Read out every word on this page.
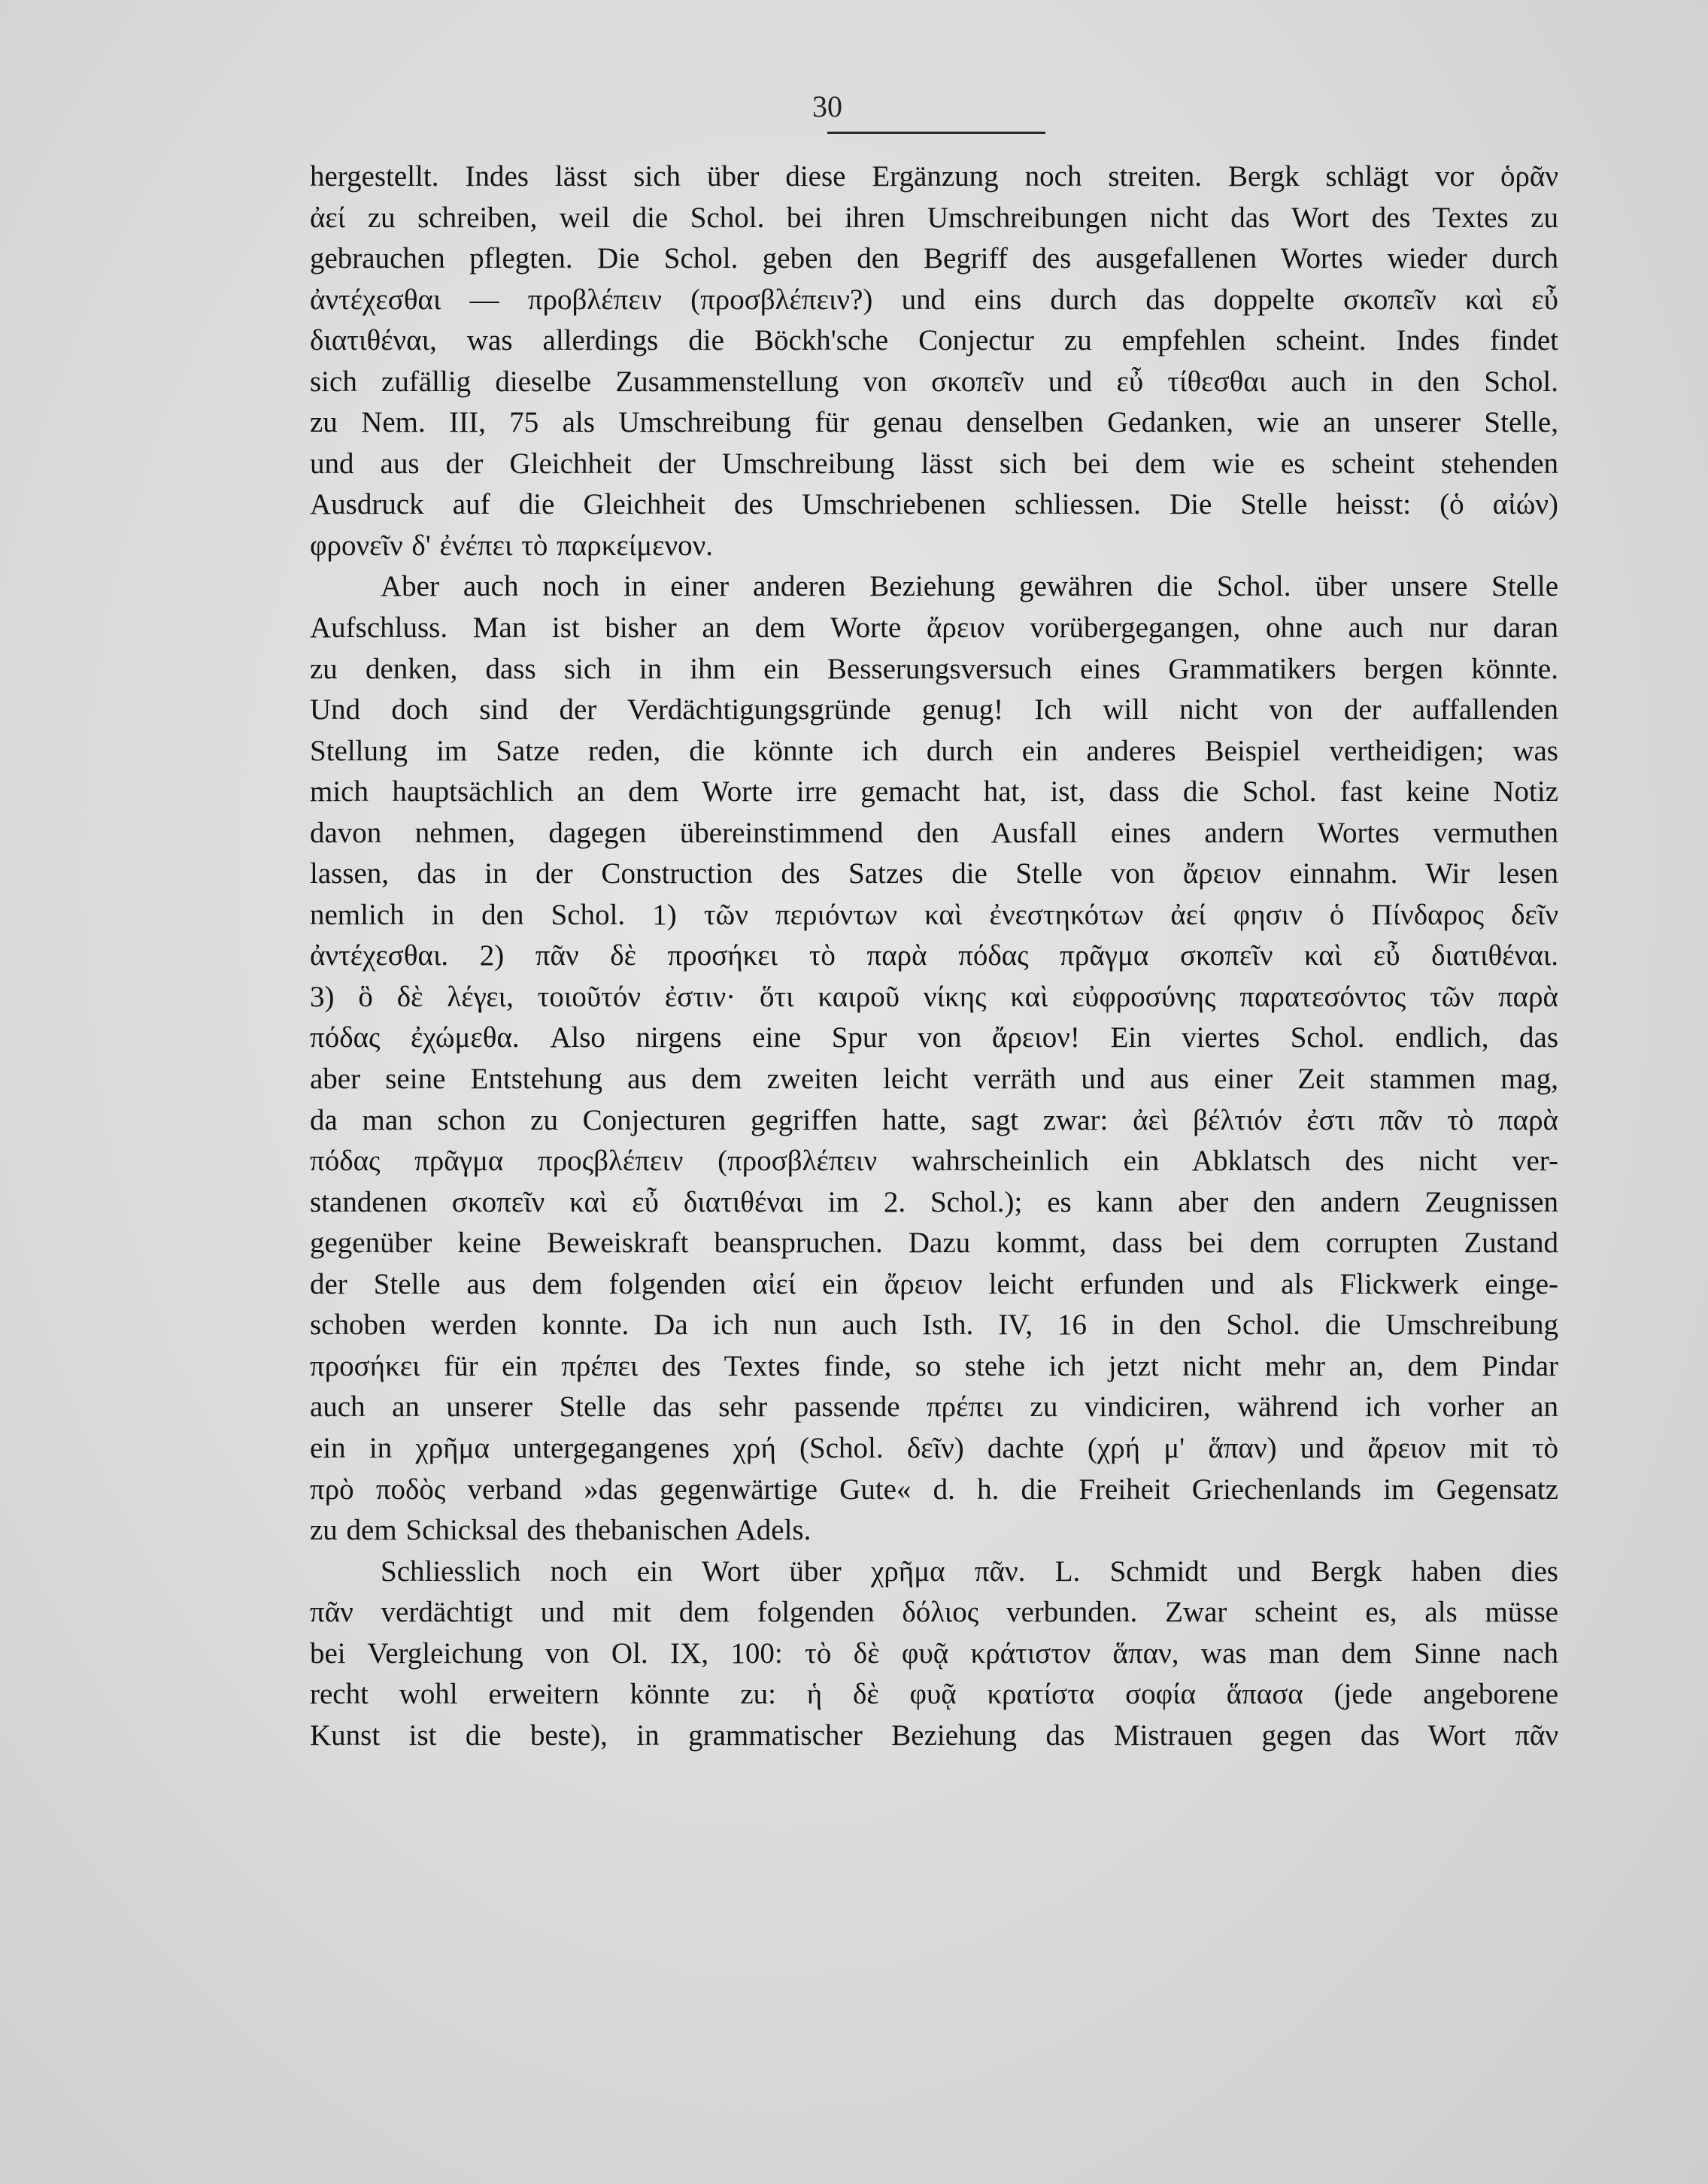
30
hergestellt. Indes lässt sich über diese Ergänzung noch streiten. Bergk schlägt vor ὁρᾶν
ἀεί zu schreiben, weil die Schol. bei ihren Umschreibungen nicht das Wort des Textes zu
gebrauchen pflegten. Die Schol. geben den Begriff des ausgefallenen Wortes wieder durch
ἀντέχεσθαι — προβλέπειν (προσβλέπειν?) und eins durch das doppelte σκοπεῖν καὶ εὖ
διατιθέναι, was allerdings die Böckh'sche Conjectur zu empfehlen scheint. Indes findet
sich zufällig dieselbe Zusammenstellung von σκοπεῖν und εὖ τίθεσθαι auch in den Schol.
zu Nem. III, 75 als Umschreibung für genau denselben Gedanken, wie an unserer Stelle,
und aus der Gleichheit der Umschreibung lässt sich bei dem wie es scheint stehenden
Ausdruck auf die Gleichheit des Umschriebenen schliessen. Die Stelle heisst: (ὁ αἰών)
φρονεῖν δ' ἐνέπει τὸ παρκείμενον.
Aber auch noch in einer anderen Beziehung gewähren die Schol. über unsere Stelle
Aufschluss. Man ist bisher an dem Worte ἄρειον vorübergegangen, ohne auch nur daran
zu denken, dass sich in ihm ein Besserungsversuch eines Grammatikers bergen könnte.
Und doch sind der Verdächtigungsgründe genug! Ich will nicht von der auffallenden
Stellung im Satze reden, die könnte ich durch ein anderes Beispiel vertheidigen; was
mich hauptsächlich an dem Worte irre gemacht hat, ist, dass die Schol. fast keine Notiz
davon nehmen, dagegen übereinstimmend den Ausfall eines andern Wortes vermuthen
lassen, das in der Construction des Satzes die Stelle von ἄρειον einnahm. Wir lesen
nemlich in den Schol. 1) τῶν περιόντων καὶ ἐνεστηκότων ἀεί φησιν ὁ Πίνδαρος δεῖν
ἀντέχεσθαι. 2) πᾶν δὲ προσήκει τὸ παρὰ πόδας πρᾶγμα σκοπεῖν καὶ εὖ διατιθέναι.
3) ὃ δὲ λέγει, τοιοῦτόν ἐστιν· ὅτι καιροῦ νίκης καὶ εὐφροσύνης παρατεσόντος τῶν παρὰ
πόδας ἐχώμεθα. Also nirgens eine Spur von ἄρειον! Ein viertes Schol. endlich, das
aber seine Entstehung aus dem zweiten leicht verräth und aus einer Zeit stammen mag,
da man schon zu Conjecturen gegriffen hatte, sagt zwar: ἀεὶ βέλτιόν ἐστι πᾶν τὸ παρὰ
πόδας πρᾶγμα προςβλέπειν (προσβλέπειν wahrscheinlich ein Abklatsch des nicht ver-
standenen σκοπεῖν καὶ εὖ διατιθέναι im 2. Schol.); es kann aber den andern Zeugnissen
gegenüber keine Beweiskraft beanspruchen. Dazu kommt, dass bei dem corrupten Zustand
der Stelle aus dem folgenden αἰεί ein ἄρειον leicht erfunden und als Flickwerk einge-
schoben werden konnte. Da ich nun auch Isth. IV, 16 in den Schol. die Umschreibung
προσήκει für ein πρέπει des Textes finde, so stehe ich jetzt nicht mehr an, dem Pindar
auch an unserer Stelle das sehr passende πρέπει zu vindiciren, während ich vorher an
ein in χρῆμα untergegangenes χρή (Schol. δεῖν) dachte (χρή μ' ἅπαν) und ἄρειον mit τὸ
πρὸ ποδὸς verband »das gegenwärtige Gute« d. h. die Freiheit Griechenlands im Gegensatz
zu dem Schicksal des thebanischen Adels.
Schliesslich noch ein Wort über χρῆμα πᾶν. L. Schmidt und Bergk haben dies
πᾶν verdächtigt und mit dem folgenden δόλιος verbunden. Zwar scheint es, als müsse
bei Vergleichung von Ol. IX, 100: τὸ δὲ φυᾷ κράτιστον ἅπαν, was man dem Sinne nach
recht wohl erweitern könnte zu: ἡ δὲ φυᾷ κρατίστα σοφία ἅπασα (jede angeborene
Kunst ist die beste), in grammatischer Beziehung das Mistrauen gegen das Wort πᾶν
